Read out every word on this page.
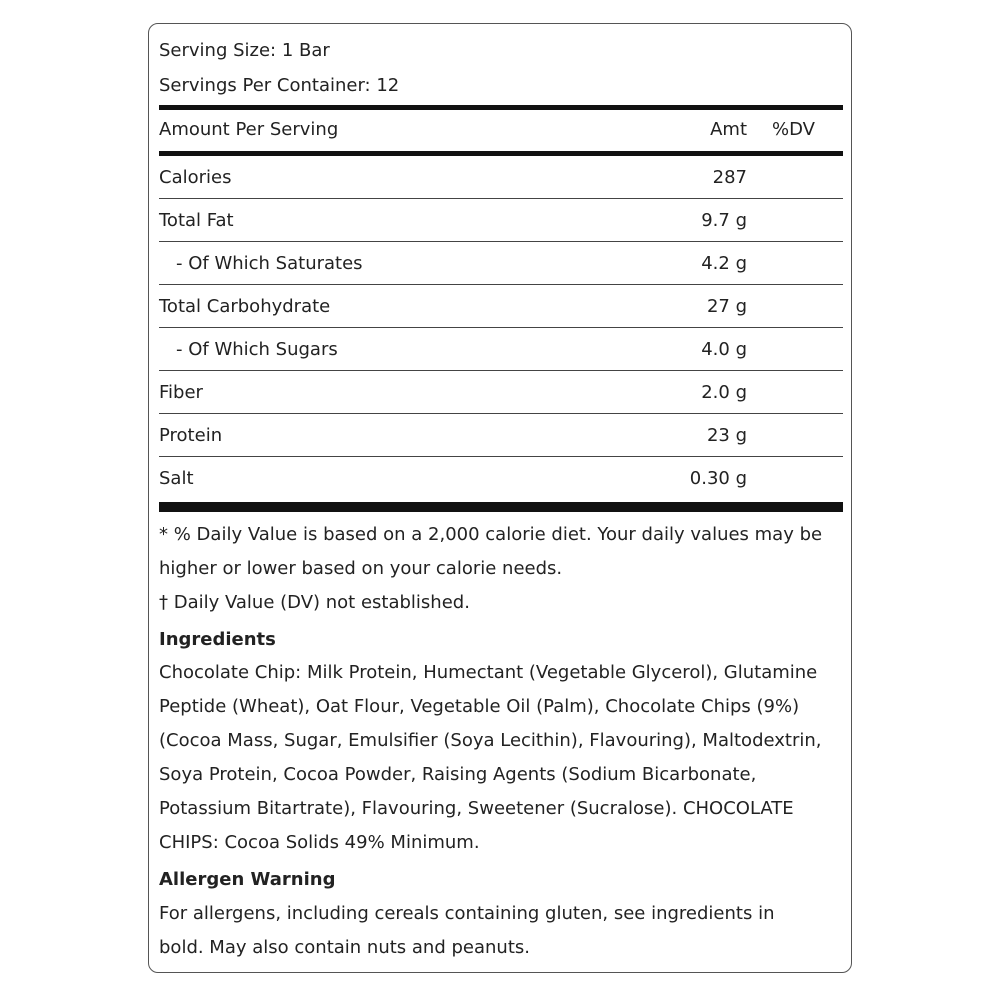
Serving Size: 1 Bar
Servings Per Container: 12
Amount Per Serving	Amt %DV
Calories	287
Total Fat	9.7 g
- Of Which Saturates	4.2 g
Total Carbohydrate	27 g
- Of Which Sugars	4.0 g
Fiber	2.0 g
Protein	23 g
Salt	0.30 g
* % Daily Value is based on a 2,000 calorie diet. Your daily values may be
higher or lower based on your calorie needs.
† Daily Value (DV) not established.
Ingredients
Chocolate Chip: Milk Protein, Humectant (Vegetable Glycerol), Glutamine
Peptide (Wheat), Oat Flour, Vegetable Oil (Palm), Chocolate Chips (9%)
(Cocoa Mass, Sugar, Emulsifier (Soya Lecithin), Flavouring), Maltodextrin,
Soya Protein, Cocoa Powder, Raising Agents (Sodium Bicarbonate,
Potassium Bitartrate), Flavouring, Sweetener (Sucralose). CHOCOLATE
CHIPS: Cocoa Solids 49% Minimum.
Allergen Warning
For allergens, including cereals containing gluten, see ingredients in
bold. May also contain nuts and peanuts.
